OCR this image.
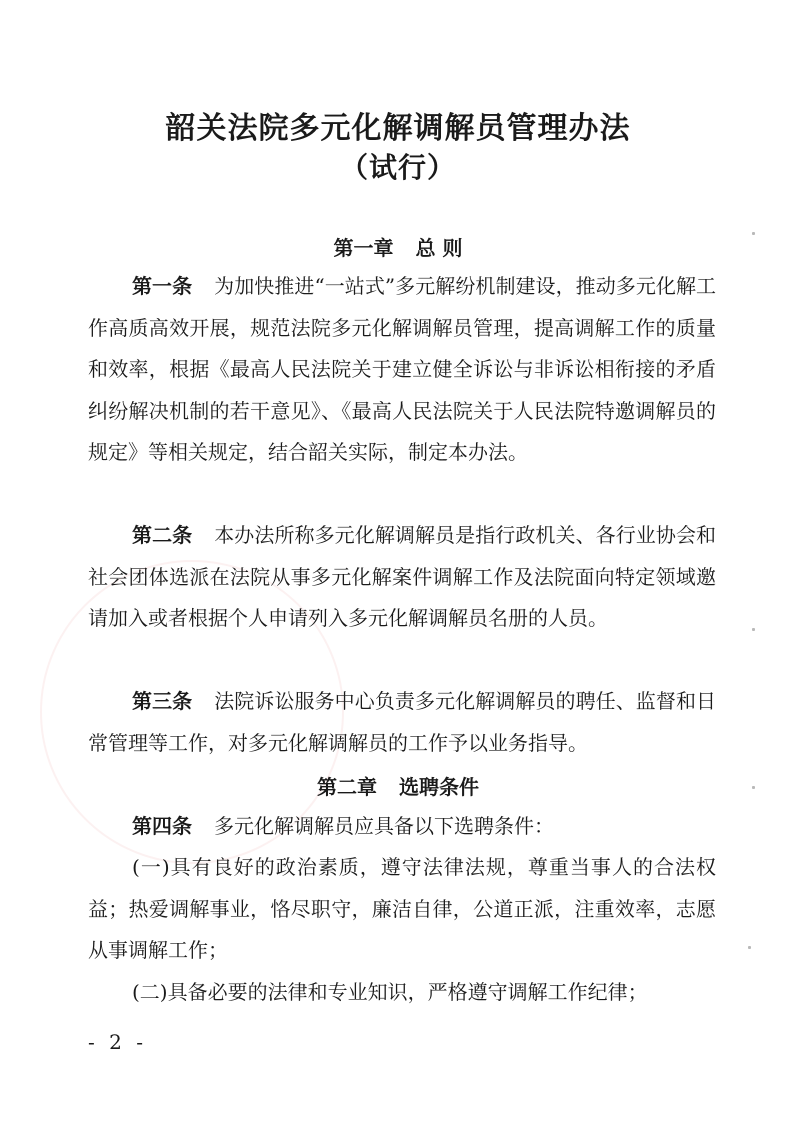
韶关法院多元化解调解员管理办法
（试行）
第一章 总 则

第一条 为加快推进“一站式”多元解纷机制建设，推动多元化解工作高质高效开展，规范法院多元化解调解员管理，提高调解工作的质量和效率，根据《最高人民法院关于建立健全诉讼与非诉讼相衔接的矛盾纠纷解决机制的若干意见》、《最高人民法院关于人民法院特邀调解员的规定》等相关规定，结合韶关实际，制定本办法。

第二条 本办法所称多元化解调解员是指行政机关、各行业协会和社会团体选派在法院从事多元化解案件调解工作及法院面向特定领域邀请加入或者根据个人申请列入多元化解调解员名册的人员。

第三条 法院诉讼服务中心负责多元化解调解员的聘任、监督和日常管理等工作，对多元化解调解员的工作予以业务指导。

第二章 选聘条件

第四条 多元化解调解员应具备以下选聘条件：

(一)具有良好的政治素质，遵守法律法规，尊重当事人的合法权益；热爱调解事业，恪尽职守，廉洁自律，公道正派，注重效率，志愿从事调解工作；

(二)具备必要的法律和专业知识，严格遵守调解工作纪律；

- 2 -
